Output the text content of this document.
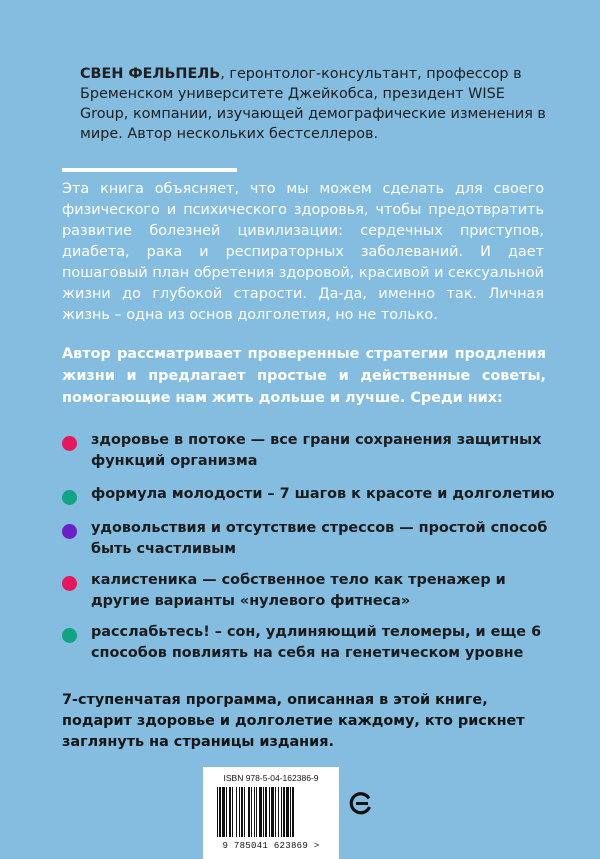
СВЕН ФЕЛЬПЕЛЬ, геронтолог-консультант, профессор в Бременском университете Джейкобса, президент WISE Group, компании, изучающей демографические изменения в мире. Автор нескольких бестселлеров.

Эта книга объясняет, что мы можем сделать для своего физического и психического здоровья, чтобы предотвратить развитие болезней цивилизации: сердечных приступов, диабета, рака и респираторных заболеваний. И дает пошаговый план обретения здоровой, красивой и сексуальной жизни до глубокой старости. Да-да, именно так. Личная жизнь – одна из основ долголетия, но не только.

Автор рассматривает проверенные стратегии продления жизни и предлагает простые и действенные советы, помогающие нам жить дольше и лучше. Среди них:

здоровье в потоке — все грани сохранения защитных функций организма
формула молодости – 7 шагов к красоте и долголетию
удовольствия и отсутствие стрессов — простой способ быть счастливым
калистеника — собственное тело как тренажер и другие варианты «нулевого фитнеса»
расслабьтесь! – сон, удлиняющий теломеры, и еще 6 способов повлиять на себя на генетическом уровне

7-ступенчатая программа, описанная в этой книге, подарит здоровье и долголетие каждому, кто рискнет заглянуть на страницы издания.

ISBN 978-5-04-162386-9
9 785041 623869 >
